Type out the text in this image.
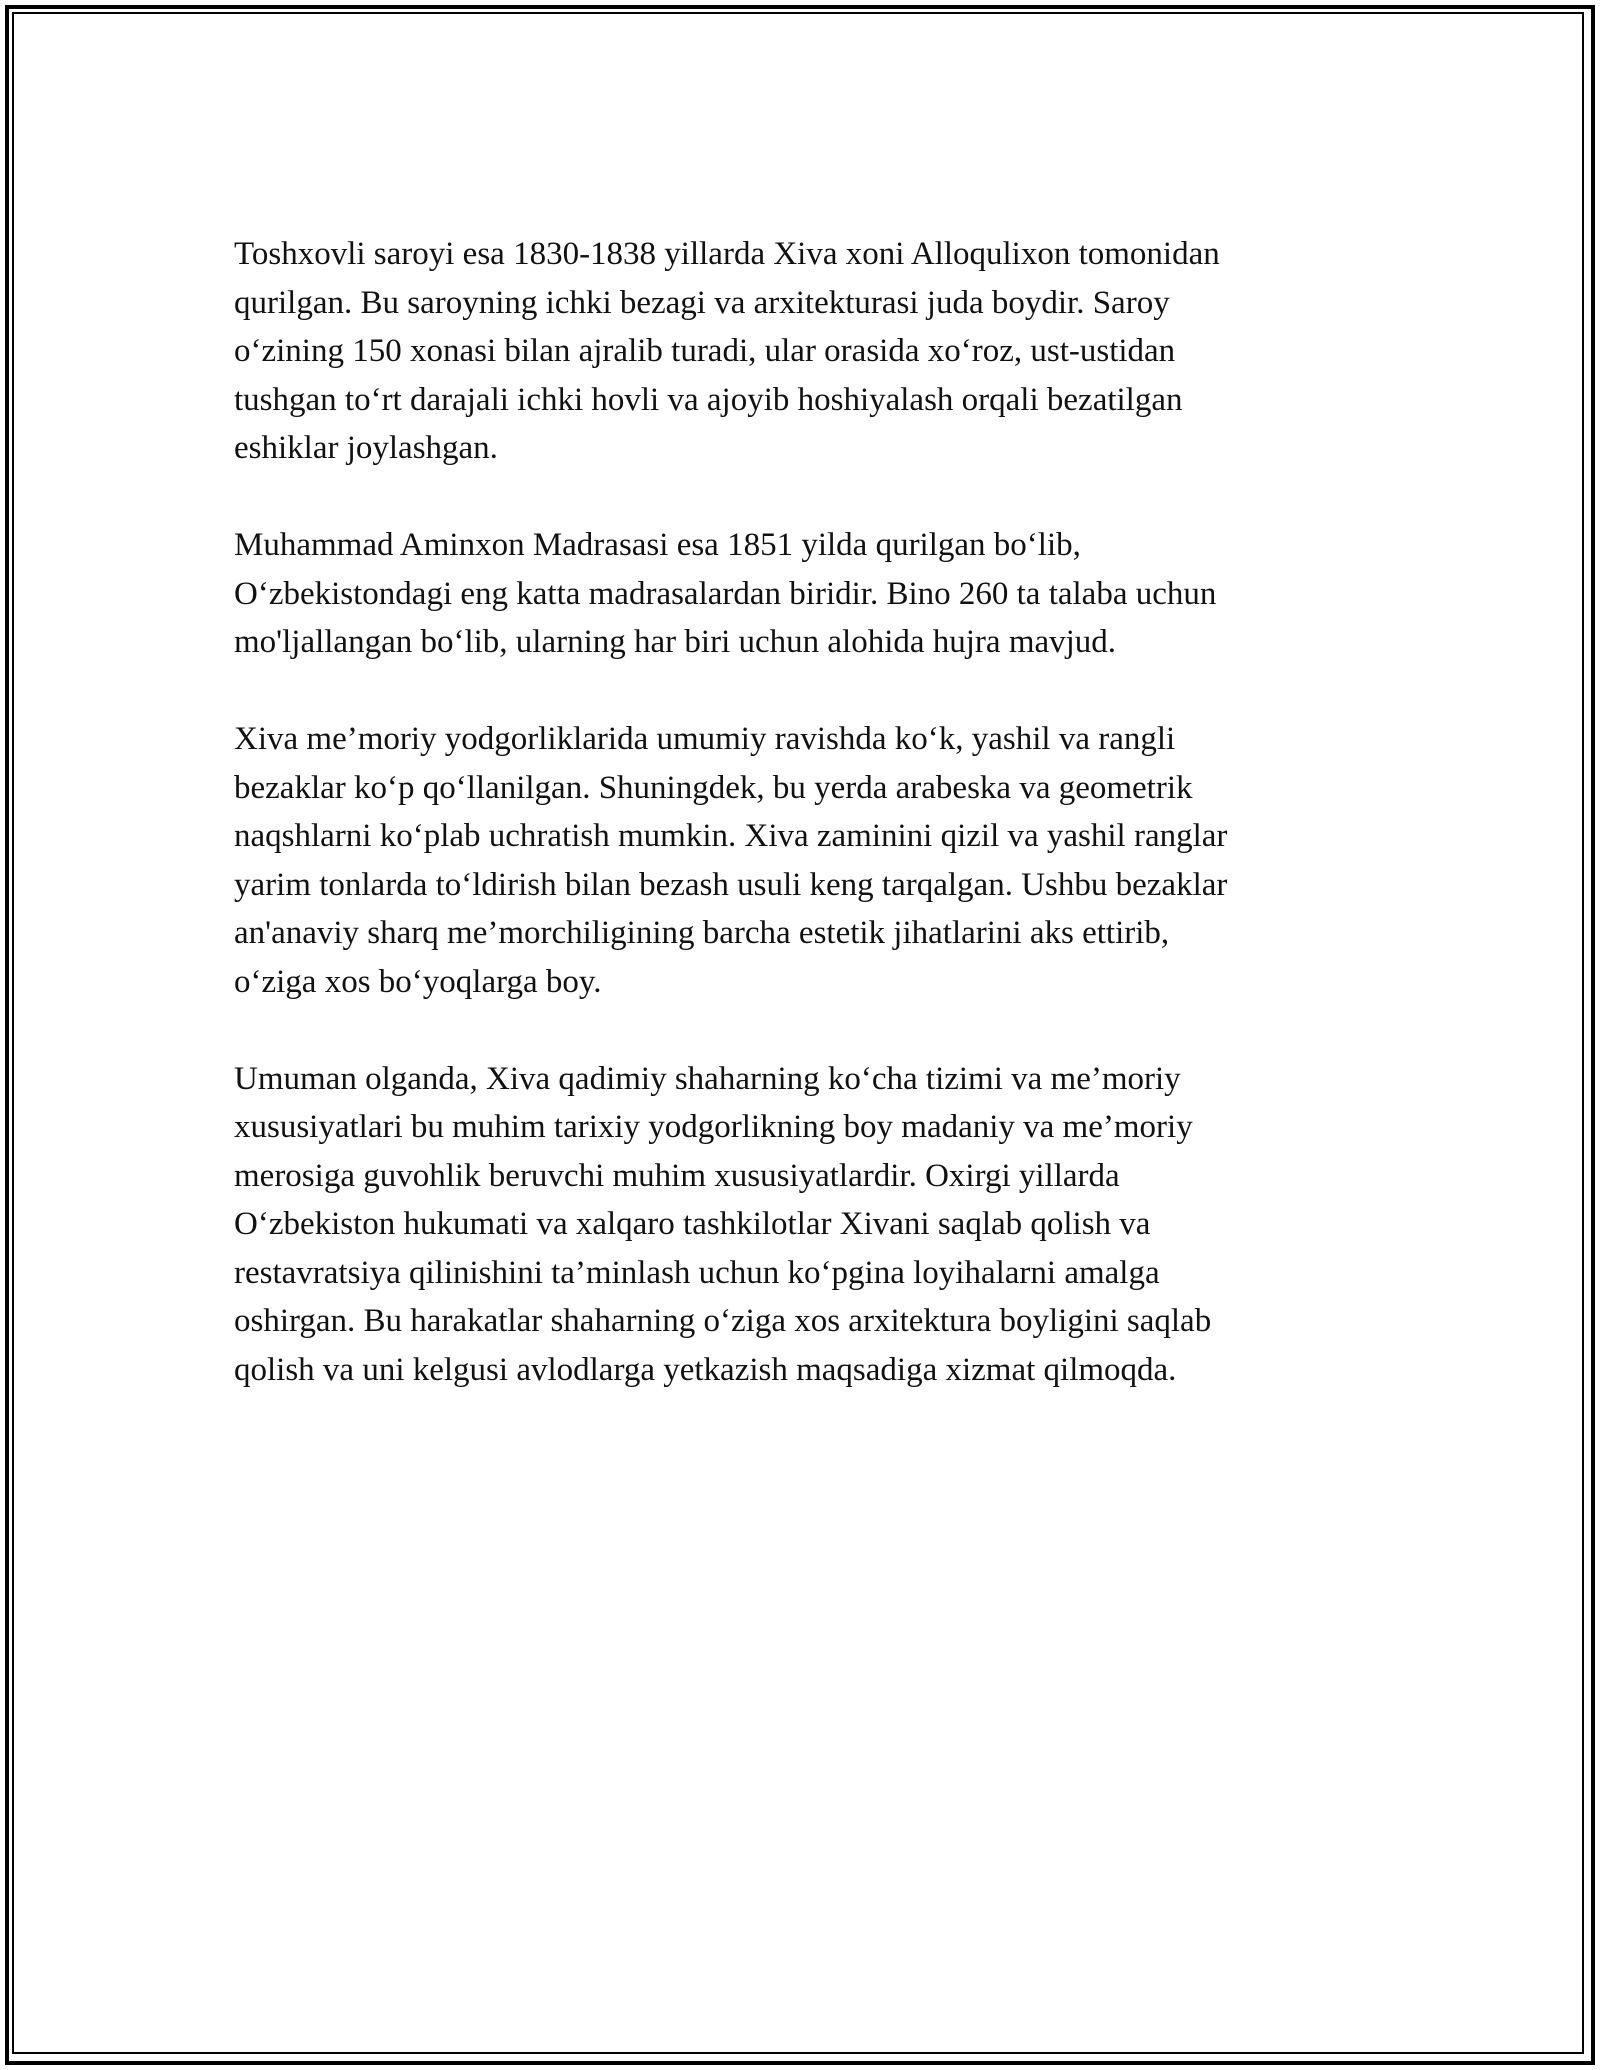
Toshxovli saroyi esa 1830-1838 yillarda Xiva xoni Alloqulixon tomonidan
qurilgan. Bu saroyning ichki bezagi va arxitekturasi juda boydir. Saroy
o‘zining 150 xonasi bilan ajralib turadi, ular orasida xo‘roz, ust-ustidan
tushgan to‘rt darajali ichki hovli va ajoyib hoshiyalash orqali bezatilgan
eshiklar joylashgan.

Muhammad Aminxon Madrasasi esa 1851 yilda qurilgan bo‘lib,
O‘zbekistondagi eng katta madrasalardan biridir. Bino 260 ta talaba uchun
mo'ljallangan bo‘lib, ularning har biri uchun alohida hujra mavjud.

Xiva me’moriy yodgorliklarida umumiy ravishda ko‘k, yashil va rangli
bezaklar ko‘p qo‘llanilgan. Shuningdek, bu yerda arabeska va geometrik
naqshlarni ko‘plab uchratish mumkin. Xiva zaminini qizil va yashil ranglar
yarim tonlarda to‘ldirish bilan bezash usuli keng tarqalgan. Ushbu bezaklar
an'anaviy sharq me’morchiligining barcha estetik jihatlarini aks ettirib,
o‘ziga xos bo‘yoqlarga boy.

Umuman olganda, Xiva qadimiy shaharning ko‘cha tizimi va me’moriy
xususiyatlari bu muhim tarixiy yodgorlikning boy madaniy va me’moriy
merosiga guvohlik beruvchi muhim xususiyatlardir. Oxirgi yillarda
O‘zbekiston hukumati va xalqaro tashkilotlar Xivani saqlab qolish va
restavratsiya qilinishini ta’minlash uchun ko‘pgina loyihalarni amalga
oshirgan. Bu harakatlar shaharning o‘ziga xos arxitektura boyligini saqlab
qolish va uni kelgusi avlodlarga yetkazish maqsadiga xizmat qilmoqda.
